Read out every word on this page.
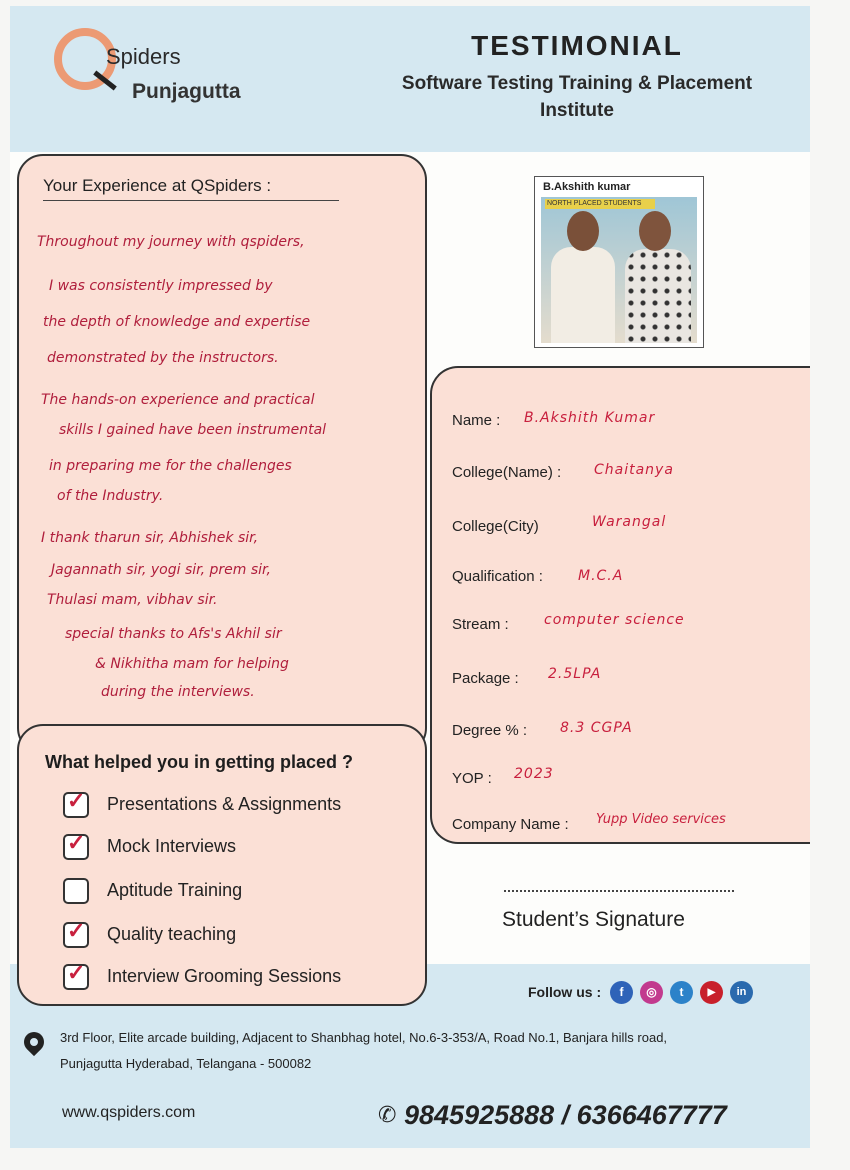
Spiders
Punjagutta
TESTIMONIAL
Software Testing Training & Placement
Institute
Your Experience at QSpiders :
Throughout my journey with qspiders,
I was consistently impressed by
the depth of knowledge and expertise
demonstrated by the instructors.
The hands-on experience and practical
skills I gained have been instrumental
in preparing me for the challenges
of the Industry.
I thank tharun sir, Abhishek sir,
Jagannath sir, yogi sir, prem sir,
Thulasi mam, vibhav sir.
special thanks to Afs's Akhil sir
& Nikhitha mam for helping
during the interviews.
B.Akshith kumar
NORTH PLACED STUDENTS
Name : B.Akshith Kumar
College(Name) : Chaitanya
College(City)	Warangal
Qualification :	M.C.A
Stream :	computer science
Package : 2.5LPA
Degree % : 8.3 CGPA
YOP : 2023
Company Name : Yupp Video services
What helped you in getting placed ?
✓ Presentations & Assignments
✓ Mock Interviews
Aptitude Training
✓ Quality teaching
✓ Interview Grooming Sessions
Student’s Signature
Follow us :	f	◎	t	▶	in
3rd Floor, Elite arcade building, Adjacent to Shanbhag hotel, No.6-3-353/A, Road No.1, Banjara hills road,
Punjagutta Hyderabad, Telangana - 500082
www.qspiders.com	✆ 9845925888 / 6366467777
